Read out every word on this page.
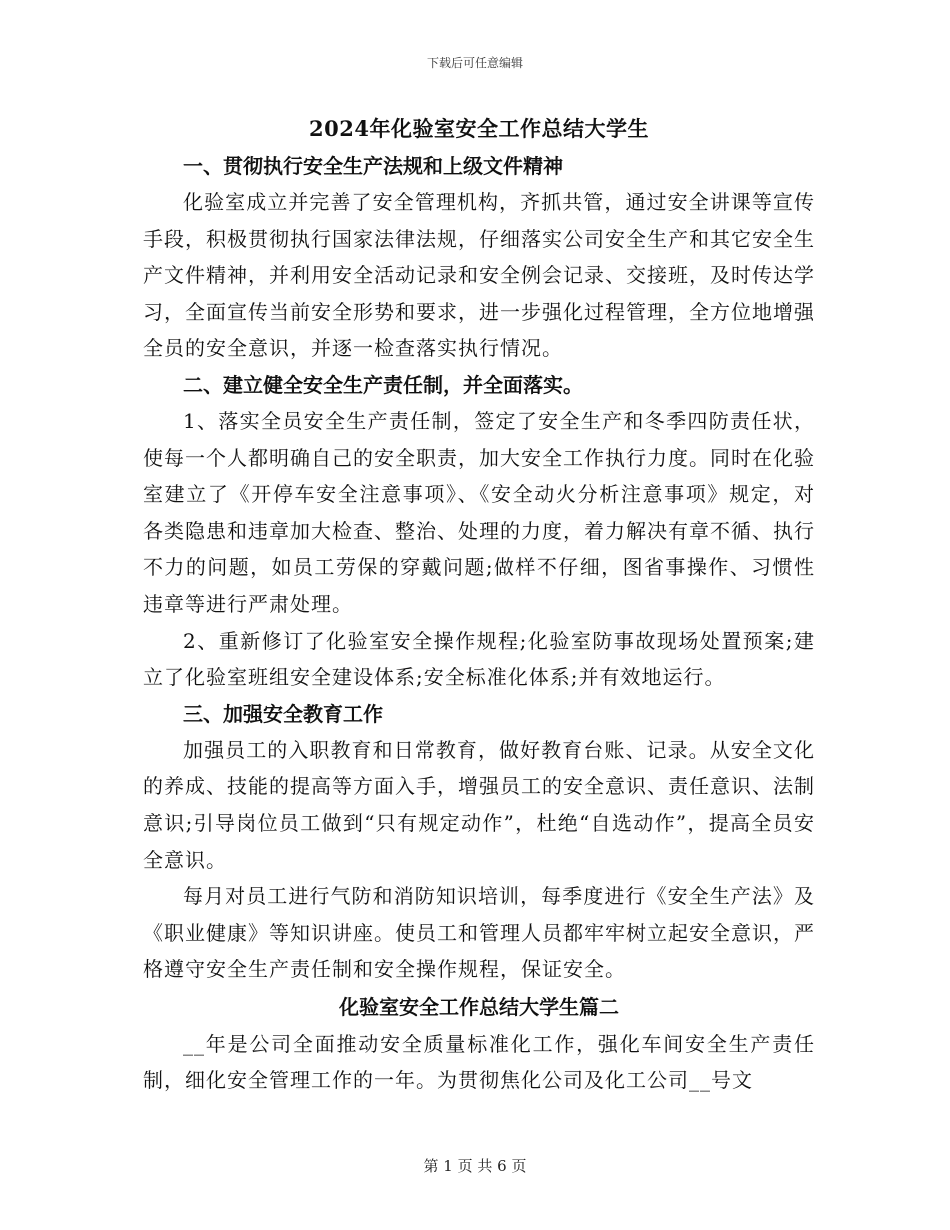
下载后可任意编辑
2024年化验室安全工作总结大学生
一、贯彻执行安全生产法规和上级文件精神

化验室成立并完善了安全管理机构，齐抓共管，通过安全讲课等宣传手段，积极贯彻执行国家法律法规，仔细落实公司安全生产和其它安全生产文件精神，并利用安全活动记录和安全例会记录、交接班，及时传达学习，全面宣传当前安全形势和要求，进一步强化过程管理，全方位地增强全员的安全意识，并逐一检查落实执行情况。

二、建立健全安全生产责任制，并全面落实。

1、落实全员安全生产责任制，签定了安全生产和冬季四防责任状，使每一个人都明确自己的安全职责，加大安全工作执行力度。同时在化验室建立了《开停车安全注意事项》、《安全动火分析注意事项》规定，对各类隐患和违章加大检查、整治、处理的力度，着力解决有章不循、执行不力的问题，如员工劳保的穿戴问题;做样不仔细，图省事操作、习惯性违章等进行严肃处理。

2、重新修订了化验室安全操作规程;化验室防事故现场处置预案;建立了化验室班组安全建设体系;安全标准化体系;并有效地运行。

三、加强安全教育工作

加强员工的入职教育和日常教育，做好教育台账、记录。从安全文化的养成、技能的提高等方面入手，增强员工的安全意识、责任意识、法制意识;引导岗位员工做到“只有规定动作”，杜绝“自选动作”，提高全员安全意识。

每月对员工进行气防和消防知识培训，每季度进行《安全生产法》及《职业健康》等知识讲座。使员工和管理人员都牢牢树立起安全意识，严格遵守安全生产责任制和安全操作规程，保证安全。

化验室安全工作总结大学生篇二

__年是公司全面推动安全质量标准化工作，强化车间安全生产责任制，细化安全管理工作的一年。为贯彻焦化公司及化工公司__号文

第 1 页 共 6 页
